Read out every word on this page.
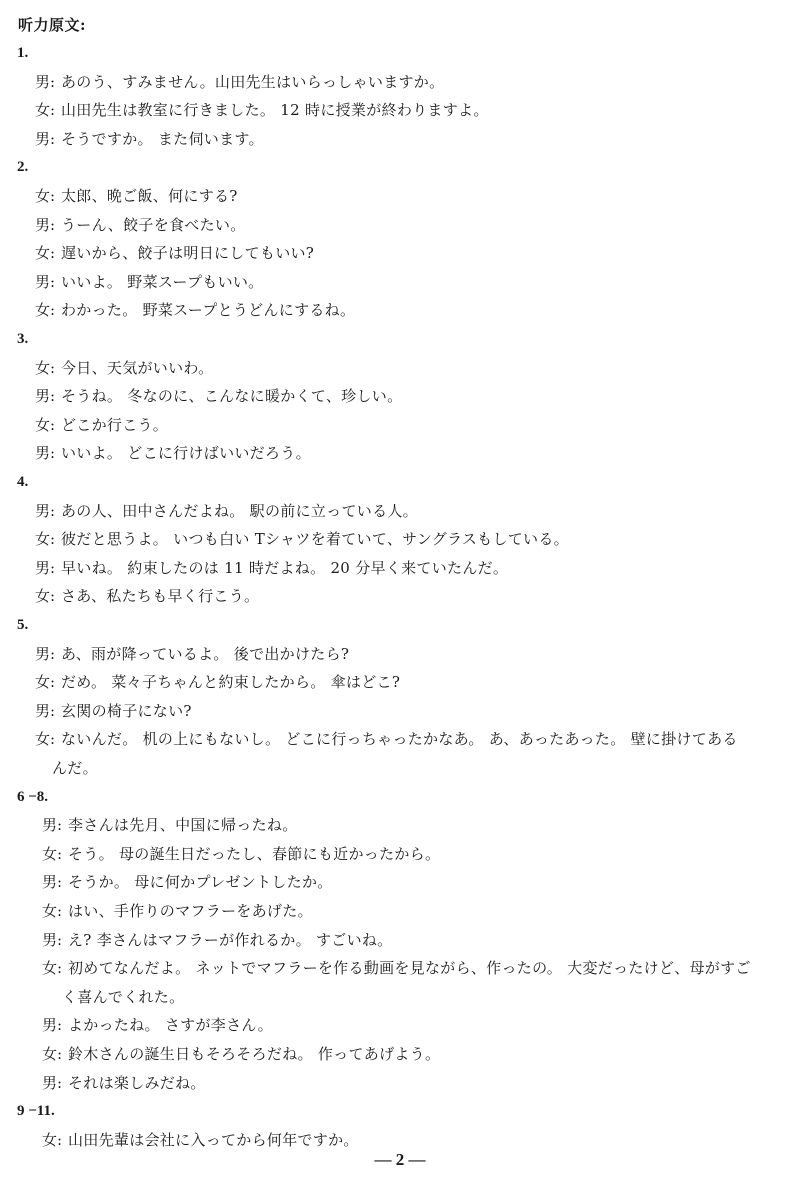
听力原文:
1.
男 : あのう、すみません。山田先生はいらっしゃいますか。
女 : 山田先生は教室に行きました。 12 時に授業が終わりますよ。
男 : そうですか。 また伺います。
2.
女 : 太郎、晩ご飯、何にする?
男 : うーん、餃子を食べたい。
女 : 遅いから、餃子は明日にしてもいい?
男 : いいよ。 野菜スープもいい。
女 : わかった。 野菜スープとうどんにするね。
3.
女 : 今日、天気がいいわ。
男 : そうね。 冬なのに、こんなに暖かくて、珍しい。
女 : どこか行こう。
男 : いいよ。 どこに行けばいいだろう。
4.
男 : あの人、田中さんだよね。 駅の前に立っている人。
女 : 彼だと思うよ。 いつも白い Tシャツを着ていて、サングラスもしている。
男 : 早いね。 約束したのは 11 時だよね。 20 分早く来ていたんだ。
女 : さあ、私たちも早く行こう。
5.
男 : あ、雨が降っているよ。 後で出かけたら?
女 : だめ。 菜々子ちゃんと約束したから。 傘はどこ?
男 : 玄関の椅子にない?
女 : ないんだ。 机の上にもないし。 どこに行っちゃったかなあ。 あ、あったあった。 壁に掛けてある
んだ。
6 −8.
男 : 李さんは先月、中国に帰ったね。
女 : そう。 母の誕生日だったし、春節にも近かったから。
男 : そうか。 母に何かプレゼントしたか。
女 : はい、手作りのマフラーをあげた。
男 : え? 李さんはマフラーが作れるか。 すごいね。
女 : 初めてなんだよ。 ネットでマフラーを作る動画を見ながら、作ったの。 大変だったけど、母がすご
く喜んでくれた。
男 : よかったね。 さすが李さん。
女 : 鈴木さんの誕生日もそろそろだね。 作ってあげよう。
男 : それは楽しみだね。
9 −11.
女 : 山田先輩は会社に入ってから何年ですか。
— 2 —
